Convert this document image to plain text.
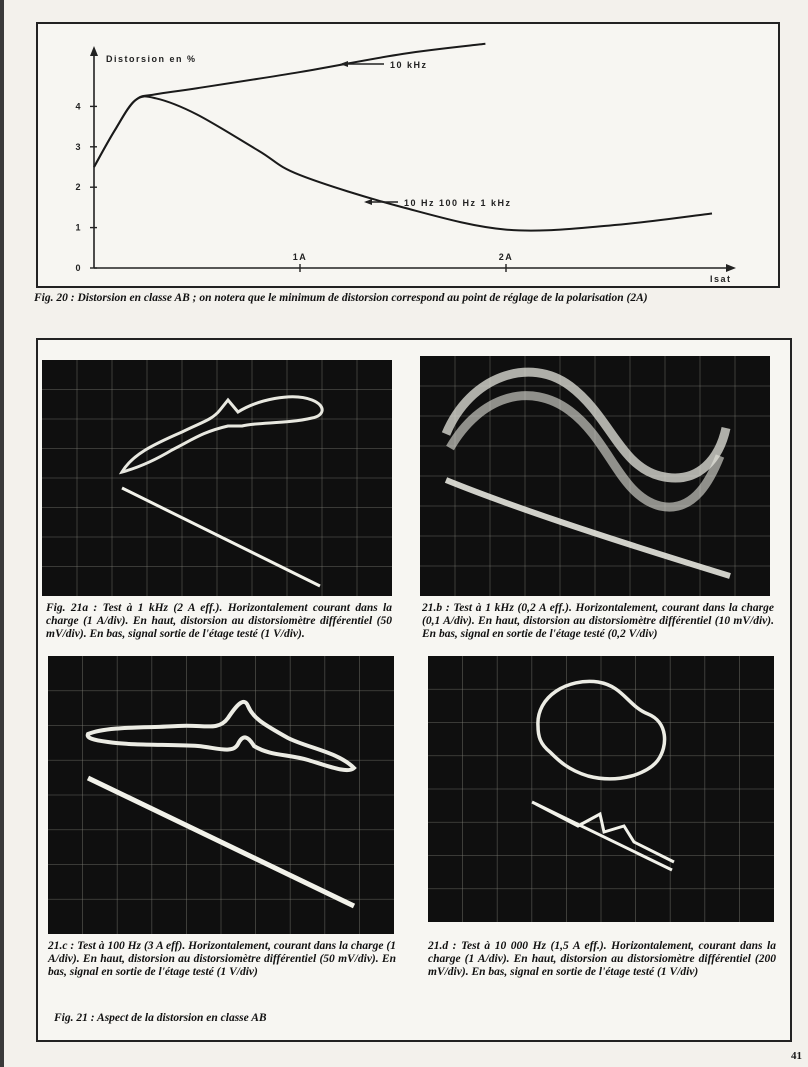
Distorsion en %
Isat
0
1
2
3
4
1A	2A
10 kHz
10 Hz 100 Hz 1 kHz
Fig. 20 : Distorsion en classe AB ; on notera que le minimum de distorsion correspond au point de réglage de la polarisation (2A)
Fig. 21a : Test à 1 kHz (2 A eff.). Horizontalement courant dans la charge (1 A/div). En haut, distorsion au distorsiomètre différentiel (50 mV/div). En bas, signal sortie de l'étage testé (1 V/div).
21.b : Test à 1 kHz (0,2 A eff.). Horizontalement, courant dans la charge (0,1 A/div). En haut, distorsion au distorsiomètre différentiel (10 mV/div). En bas, signal en sortie de l'étage testé (0,2 V/div)
21.c : Test à 100 Hz (3 A eff). Horizontalement, courant dans la charge (1 A/div). En haut, distorsion au distorsiomètre différentiel (50 mV/div). En bas, signal en sortie de l'étage testé (1 V/div)
21.d : Test à 10 000 Hz (1,5 A eff.). Horizontalement, courant dans la charge (1 A/div). En haut, distorsion au distorsiomètre différentiel (200 mV/div). En bas, signal en sortie de l'étage testé (1 V/div)
Fig. 21 : Aspect de la distorsion en classe AB
41
